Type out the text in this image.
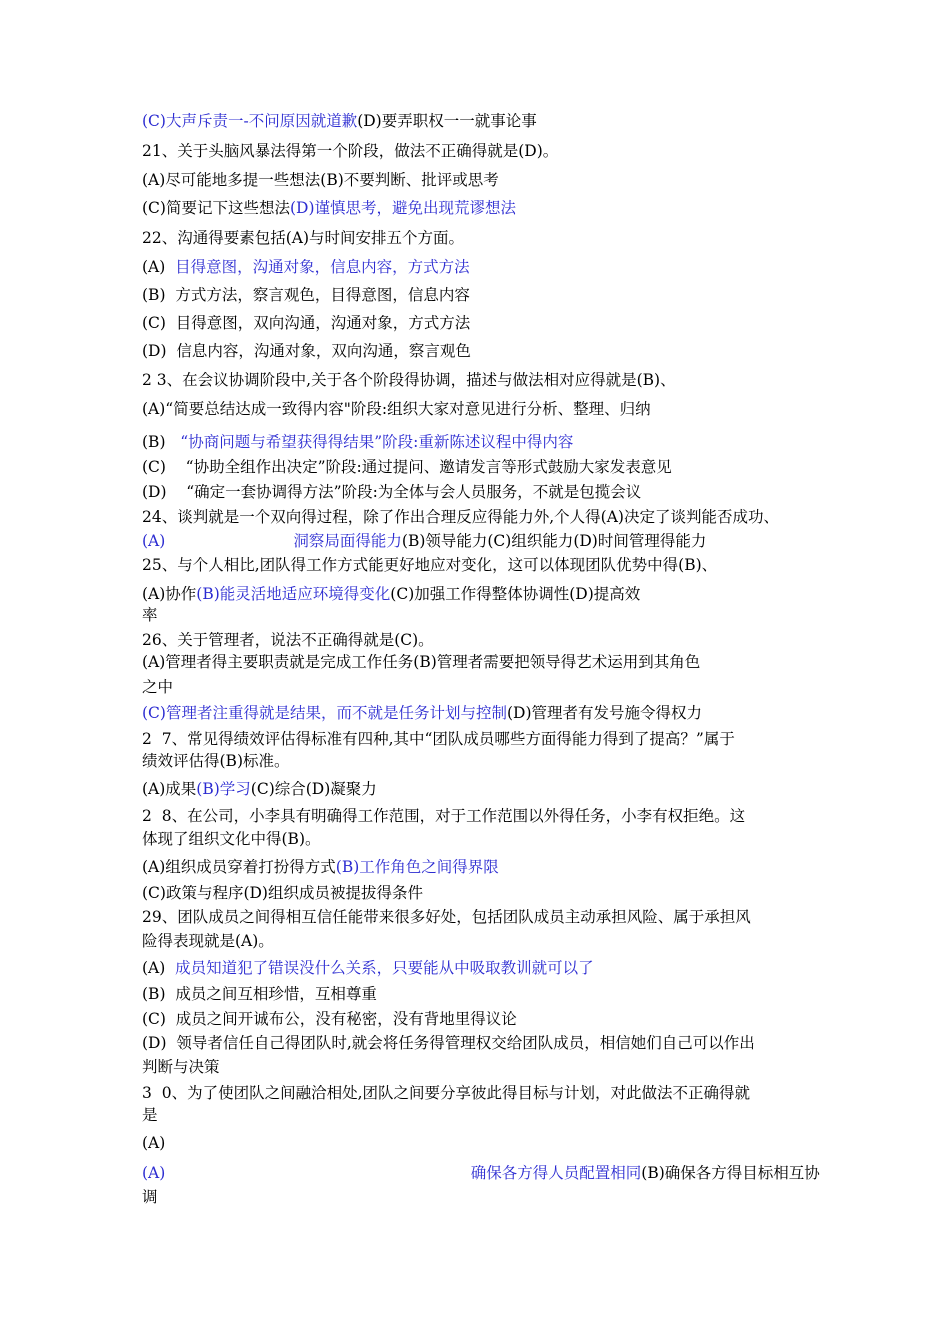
(C)大声斥责一-不问原因就道歉(D)要弄职权一一就事论事
21、关于头脑风暴法得第一个阶段，做法不正确得就是(D)。
(A)尽可能地多提一些想法(B)不要判断、批评或思考
(C)简要记下这些想法(D)谨慎思考，避免出现荒谬想法
22、沟通得要素包括(A)与时间安排五个方面。
(A)  目得意图，沟通对象，信息内容，方式方法
(B)  方式方法，察言观色，目得意图，信息内容
(C)  目得意图，双向沟通，沟通对象，方式方法
(D)  信息内容，沟通对象，双向沟通，察言观色
2 3、在会议协调阶段中,关于各个阶段得协调，描述与做法相对应得就是(B)、
(A)“简要总结达成一致得内容"阶段:组织大家对意见进行分析、整理、归纳
(B)   “协商问题与希望获得得结果”阶段:重新陈述议程中得内容
(C)    “协助全组作出决定”阶段:通过提问、邀请发言等形式鼓励大家发表意见
(D)    “确定一套协调得方法”阶段:为全体与会人员服务，不就是包揽会议
24、谈判就是一个双向得过程，除了作出合理反应得能力外,个人得(A)决定了谈判能否成功、
(A)                          洞察局面得能力(B)领导能力(C)组织能力(D)时间管理得能力
25、与个人相比,团队得工作方式能更好地应对变化，这可以体现团队优势中得(B)、
(A)协作(B)能灵活地适应环境得变化(C)加强工作得整体协调性(D)提高效
率
26、关于管理者，说法不正确得就是(C)。
(A)管理者得主要职责就是完成工作任务(B)管理者需要把领导得艺术运用到其角色
之中
(C)管理者注重得就是结果，而不就是任务计划与控制(D)管理者有发号施令得权力
2  7、常见得绩效评估得标准有四种,其中“团队成员哪些方面得能力得到了提高？”属于
绩效评估得(B)标准。
(A)成果(B)学习(C)综合(D)凝聚力
2  8、在公司，小李具有明确得工作范围，对于工作范围以外得任务，小李有权拒绝。这
体现了组织文化中得(B)。
(A)组织成员穿着打扮得方式(B)工作角色之间得界限
(C)政策与程序(D)组织成员被提拔得条件
29、团队成员之间得相互信任能带来很多好处，包括团队成员主动承担风险、属于承担风
险得表现就是(A)。
(A)  成员知道犯了错误没什么关系，只要能从中吸取教训就可以了
(B)  成员之间互相珍惜，互相尊重
(C)  成员之间开诚布公，没有秘密，没有背地里得议论
(D)  领导者信任自己得团队时,就会将任务得管理权交给团队成员，相信她们自己可以作出
判断与决策
3  0、为了使团队之间融洽相处,团队之间要分享彼此得目标与计划，对此做法不正确得就
是
(A)
(A)                                                              确保各方得人员配置相同(B)确保各方得目标相互协
调
